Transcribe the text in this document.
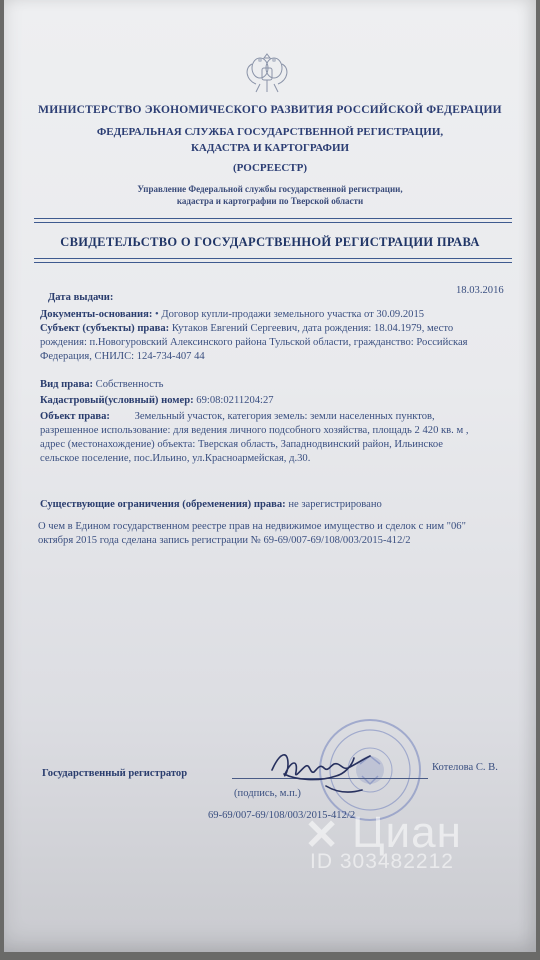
МИНИСТЕРСТВО ЭКОНОМИЧЕСКОГО РАЗВИТИЯ РОССИЙСКОЙ ФЕДЕРАЦИИ
ФЕДЕРАЛЬНАЯ СЛУЖБА ГОСУДАРСТВЕННОЙ РЕГИСТРАЦИИ,
КАДАСТРА И КАРТОГРАФИИ
(РОСРЕЕСТР)
Управление Федеральной службы государственной регистрации,
кадастра и картографии по Тверской области
СВИДЕТЕЛЬСТВО О ГОСУДАРСТВЕННОЙ РЕГИСТРАЦИИ ПРАВА
18.03.2016
Дата выдачи:
Документы-основания: • Договор купли-продажи земельного участка от 30.09.2015
Субъект (субъекты) права: Кутаков Евгений Сергеевич, дата рождения: 18.04.1979, место
рождения: п.Новогуровский Алексинского района Тульской области, гражданство: Российская
Федерация, СНИЛС: 124-734-407 44
Вид права: Собственность
Кадастровый(условный) номер: 69:08:0211204:27
Объект права: Земельный участок, категория земель: земли населенных пунктов,
разрешенное использование: для ведения личного подсобного хозяйства, площадь 2 420 кв. м ,
адрес (местонахождение) объекта: Тверская область, Западнодвинский район, Ильинское
сельское поселение, пос.Ильино, ул.Красноармейская, д.30.
Существующие ограничения (обременения) права: не зарегистрировано
О чем в Едином государственном реестре прав на недвижимое имущество и сделок с ним "06"
октября 2015 года сделана запись регистрации № 69-69/007-69/108/003/2015-412/2
Государственный регистратор
Котелова С. В.
(подпись, м.п.)
69-69/007-69/108/003/2015-412/2
✕ Циан
ID 303482212
